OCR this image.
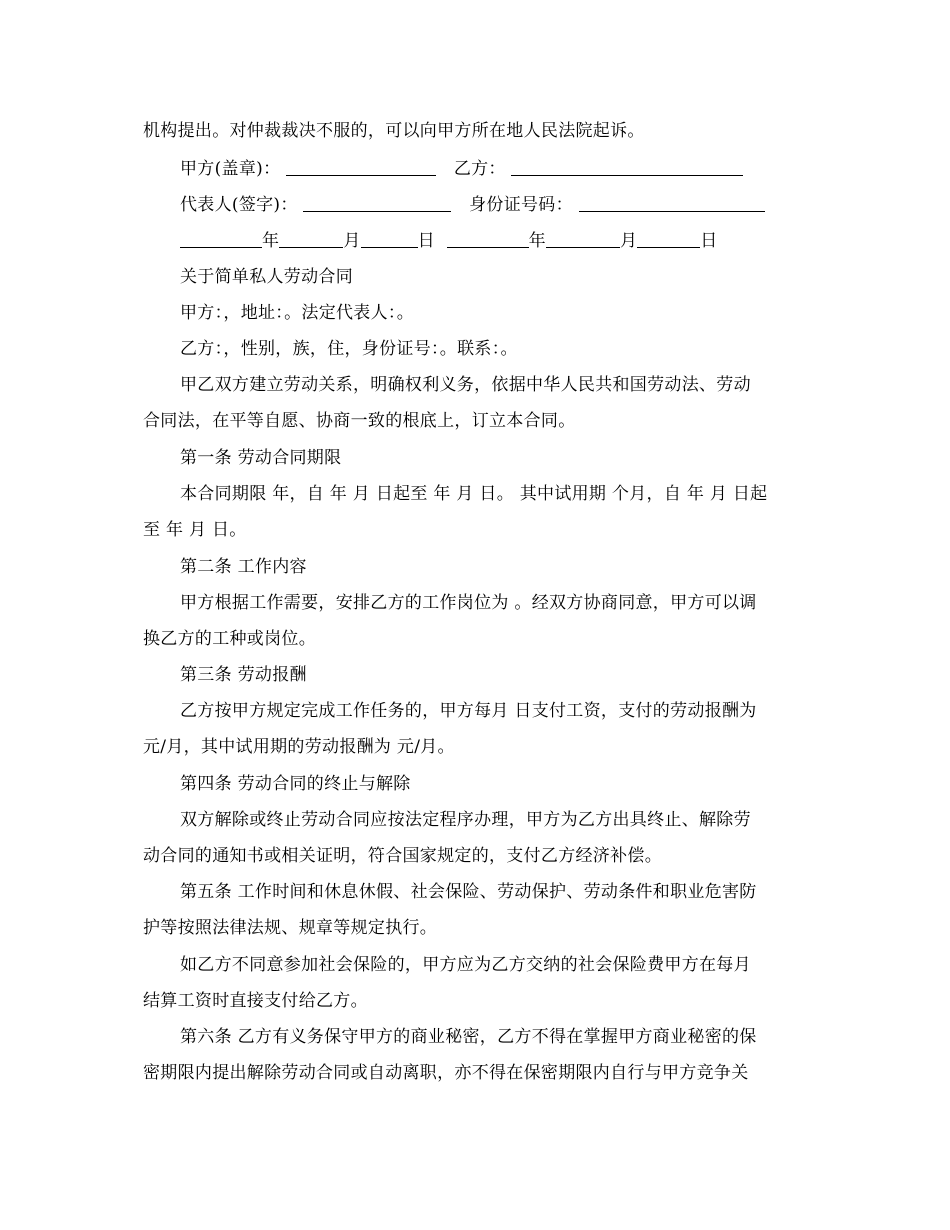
机构提出。对仲裁裁决不服的，可以向甲方所在地人民法院起诉。
甲方(盖章)：	乙方：
代表人(签字)：	身份证号码：
年	月	日	年	月	日
关于简单私人劳动合同
甲方：，地址：。法定代表人：。
乙方：，性别，族，住，身份证号：。联系：。
甲乙双方建立劳动关系，明确权利义务，依据中华人民共和国劳动法、劳动
合同法，在平等自愿、协商一致的根底上，订立本合同。
第一条 劳动合同期限
本合同期限 年，自 年 月 日起至 年 月 日。 其中试用期 个月，自 年 月 日起
至 年 月 日。
第二条 工作内容
甲方根据工作需要，安排乙方的工作岗位为 。经双方协商同意，甲方可以调
换乙方的工种或岗位。
第三条 劳动报酬
乙方按甲方规定完成工作任务的，甲方每月 日支付工资，支付的劳动报酬为
元/月，其中试用期的劳动报酬为 元/月。
第四条 劳动合同的终止与解除
双方解除或终止劳动合同应按法定程序办理，甲方为乙方出具终止、解除劳
动合同的通知书或相关证明，符合国家规定的，支付乙方经济补偿。
第五条 工作时间和休息休假、社会保险、劳动保护、劳动条件和职业危害防
护等按照法律法规、规章等规定执行。
如乙方不同意参加社会保险的，甲方应为乙方交纳的社会保险费甲方在每月
结算工资时直接支付给乙方。
第六条 乙方有义务保守甲方的商业秘密，乙方不得在掌握甲方商业秘密的保
密期限内提出解除劳动合同或自动离职，亦不得在保密期限内自行与甲方竞争关
